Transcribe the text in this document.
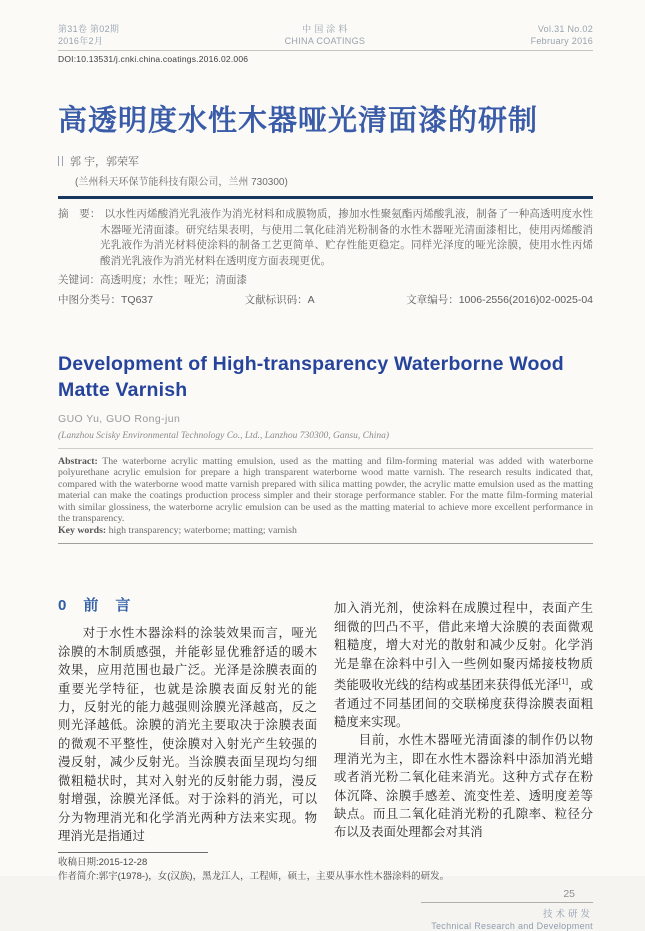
第31卷 第02期
2016年2月
中 国 涂 料
CHINA COATINGS
Vol.31 No.02
February 2016
DOI:10.13531/j.cnki.china.coatings.2016.02.006
高透明度水性木器哑光清面漆的研制
郭 宇，郭荣军
(兰州科天环保节能科技有限公司，兰州 730300)

摘　要： 以水性丙烯酸消光乳液作为消光材料和成膜物质，掺加水性聚氨酯丙烯酸乳液，制备了一种高透明度水性木器哑光清面漆。研究结果表明，与使用二氧化硅消光粉制备的水性木器哑光清面漆相比，使用丙烯酸消光乳液作为消光材料使涂料的制备工艺更简单、贮存性能更稳定。同样光泽度的哑光涂膜，使用水性丙烯酸消光乳液作为消光材料在透明度方面表现更优。

关键词：高透明度；水性；哑光；清面漆
中图分类号：TQ637	文献标识码：A	文章编号：1006-2556(2016)02-0025-04
Development of High-transparency Waterborne Wood Matte Varnish
GUO Yu, GUO Rong-jun
(Lanzhou Scisky Environmental Technology Co., Ltd., Lanzhou 730300, Gansu, China)

Abstract: The waterborne acrylic matting emulsion, used as the matting and film-forming material was added with waterborne polyurethane acrylic emulsion for prepare a high transparent waterborne wood matte varnish. The research results indicated that, compared with the waterborne wood matte varnish prepared with silica matting powder, the acrylic matte emulsion used as the matting material can make the coatings production process simpler and their storage performance stabler. For the matte film-forming material with similar glossiness, the waterborne acrylic emulsion can be used as the matting material to achieve more excellent performance in the transparency.

Key words: high transparency; waterborne; matting; varnish
0　前　言

对于水性木器涂料的涂装效果而言，哑光涂膜的木制质感强，并能彰显优雅舒适的暖木效果，应用范围也最广泛。光泽是涂膜表面的重要光学特征，也就是涂膜表面反射光的能力，反射光的能力越强则涂膜光泽越高，反之则光泽越低。涂膜的消光主要取决于涂膜表面的微观不平整性，使涂膜对入射光产生较强的漫反射，减少反射光。当涂膜表面呈现均匀细微粗糙状时，其对入射光的反射能力弱，漫反射增强，涂膜光泽低。对于涂料的消光，可以分为物理消光和化学消光两种方法来实现。物理消光是指通过

加入消光剂，使涂料在成膜过程中，表面产生细微的凹凸不平，借此来增大涂膜的表面微观粗糙度，增大对光的散射和减少反射。化学消光是靠在涂料中引入一些例如聚丙烯接枝物质类能吸收光线的结构或基团来获得低光泽[1]，或者通过不同基团间的交联梯度获得涂膜表面粗糙度来实现。

目前，水性木器哑光清面漆的制作仍以物理消光为主，即在水性木器涂料中添加消光蜡或者消光粉二氧化硅来消光。这种方式存在粉体沉降、涂膜手感差、流变性差、透明度差等缺点。而且二氧化硅消光粉的孔隙率、粒径分布以及表面处理都会对其消

收稿日期:2015-12-28
作者简介:郭宇(1978-)，女(汉族)，黑龙江人，工程师，硕士，主要从事水性木器涂料的研发。
25
技术研发
Technical Research and Development
